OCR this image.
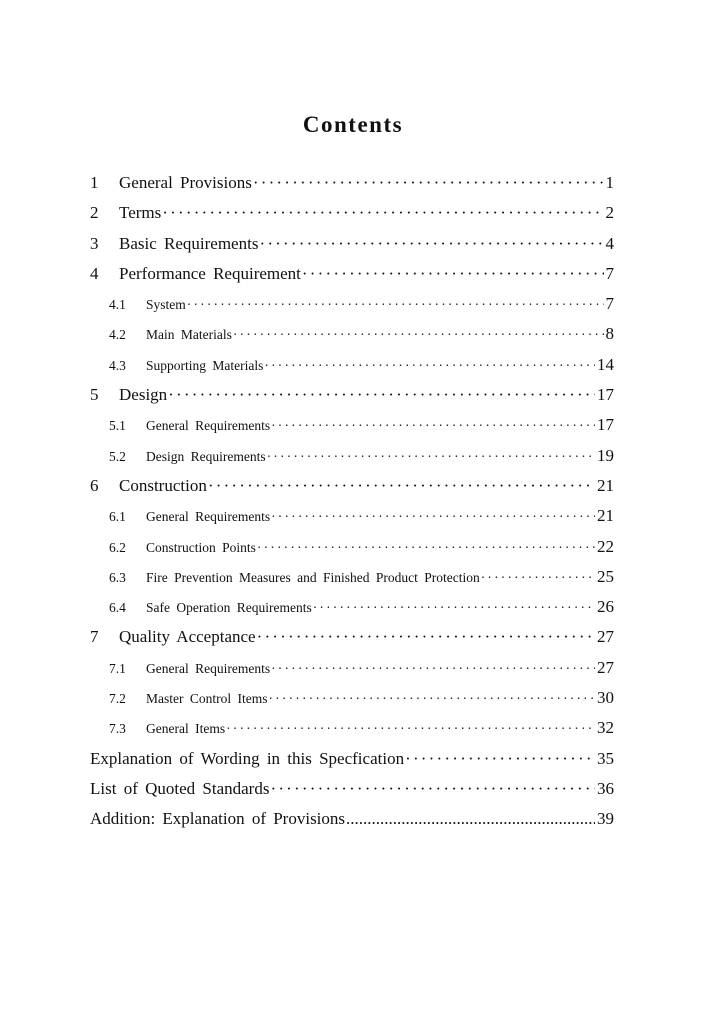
Contents
1	General Provisions ·····	1
2	Terms ·····	2
3	Basic Requirements ·····	4
4	Performance Requirement ·····	7
4.1	System ·····	7
4.2	Main Materials ·····	8
4.3	Supporting Materials ·····	14
5	Design ·····	17
5.1	General Requirements ·····	17
5.2	Design Requirements ·····	19
6	Construction ·····	21
6.1	General Requirements ·····	21
6.2	Construction Points ·····	22
6.3	Fire Prevention Measures and Finished Product Protection ·····	25
6.4	Safe Operation Requirements ·····	26
7	Quality Acceptance ·····	27
7.1	General Requirements ·····	27
7.2	Master Control Items ·····	30
7.3	General Items ·····	32
Explanation of Wording in this Specfication ·····	35
List of Quoted Standards ·····	36
Addition: Explanation of Provisions .....	39
